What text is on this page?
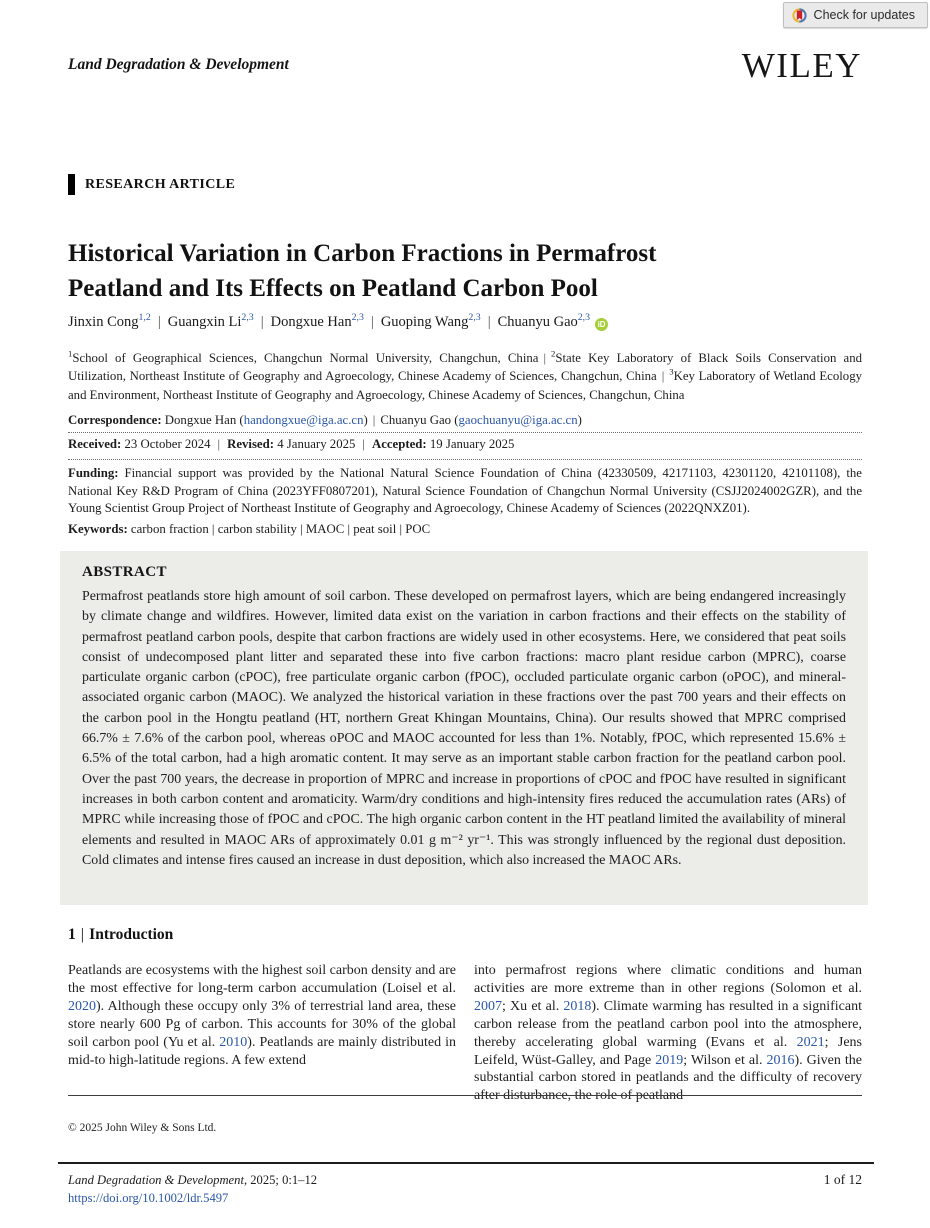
Check for updates
Land Degradation & Development	WILEY
RESEARCH ARTICLE
Historical Variation in Carbon Fractions in Permafrost
Peatland and Its Effects on Peatland Carbon Pool
Jinxin Cong$^{1,2}$ | Guangxin Li$^{2,3}$ | Dongxue Han$^{2,3}$ | Guoping Wang$^{2,3}$ | Chuanyu Gao$^{2,3}$iD
$^1$School of Geographical Sciences, Changchun Normal University, Changchun, China | $^2$State Key Laboratory of Black Soils Conservation and Utilization, Northeast Institute of Geography and Agroecology, Chinese Academy of Sciences, Changchun, China | $^3$Key Laboratory of Wetland Ecology and Environment, Northeast Institute of Geography and Agroecology, Chinese Academy of Sciences, Changchun, China
Correspondence: Dongxue Han (handongxue@iga.ac.cn) | Chuanyu Gao (gaochuanyu@iga.ac.cn)
Received: 23 October 2024 | Revised: 4 January 2025 | Accepted: 19 January 2025
Funding: Financial support was provided by the National Natural Science Foundation of China (42330509, 42171103, 42301120, 42101108), the National Key R&D Program of China (2023YFF0807201), Natural Science Foundation of Changchun Normal University (CSJJ2024002GZR), and the Young Scientist Group Project of Northeast Institute of Geography and Agroecology, Chinese Academy of Sciences (2022QNXZ01).
Keywords: carbon fraction | carbon stability | MAOC | peat soil | POC
ABSTRACT
Permafrost peatlands store high amount of soil carbon. These developed on permafrost layers, which are being endangered increasingly by climate change and wildfires. However, limited data exist on the variation in carbon fractions and their effects on the stability of permafrost peatland carbon pools, despite that carbon fractions are widely used in other ecosystems. Here, we considered that peat soils consist of undecomposed plant litter and separated these into five carbon fractions: macro plant residue carbon (MPRC), coarse particulate organic carbon (cPOC), free particulate organic carbon (fPOC), occluded particulate organic carbon (oPOC), and mineral-associated organic carbon (MAOC). We analyzed the historical variation in these fractions over the past 700 years and their effects on the carbon pool in the Hongtu peatland (HT, northern Great Khingan Mountains, China). Our results showed that MPRC comprised 66.7% ± 7.6% of the carbon pool, whereas oPOC and MAOC accounted for less than 1%. Notably, fPOC, which represented 15.6% ± 6.5% of the total carbon, had a high aromatic content. It may serve as an important stable carbon fraction for the peatland carbon pool. Over the past 700 years, the decrease in proportion of MPRC and increase in proportions of cPOC and fPOC have resulted in significant increases in both carbon content and aromaticity. Warm/dry conditions and high-intensity fires reduced the accumulation rates (ARs) of MPRC while increasing those of fPOC and cPOC. The high organic carbon content in the HT peatland limited the availability of mineral elements and resulted in MAOC ARs of approximately 0.01 g m⁻² yr⁻¹. This was strongly influenced by the regional dust deposition. Cold climates and intense fires caused an increase in dust deposition, which also increased the MAOC ARs.
1 | Introduction
Peatlands are ecosystems with the highest soil carbon density and are the most effective for long-term carbon accumulation (Loisel et al. 2020). Although these occupy only 3% of terrestrial land area, these store nearly 600 Pg of carbon. This accounts for 30% of the global soil carbon pool (Yu et al. 2010). Peatlands are mainly distributed in mid-to high-latitude regions. A few extend
into permafrost regions where climatic conditions and human activities are more extreme than in other regions (Solomon et al. 2007; Xu et al. 2018). Climate warming has resulted in a significant carbon release from the peatland carbon pool into the atmosphere, thereby accelerating global warming (Evans et al. 2021; Jens Leifeld, Wüst-Galley, and Page 2019; Wilson et al. 2016). Given the substantial carbon stored in peatlands and the difficulty of recovery after disturbance, the role of peatland
© 2025 John Wiley & Sons Ltd.
Land Degradation & Development, 2025; 0:1–12
https://doi.org/10.1002/ldr.5497
1 of 12
